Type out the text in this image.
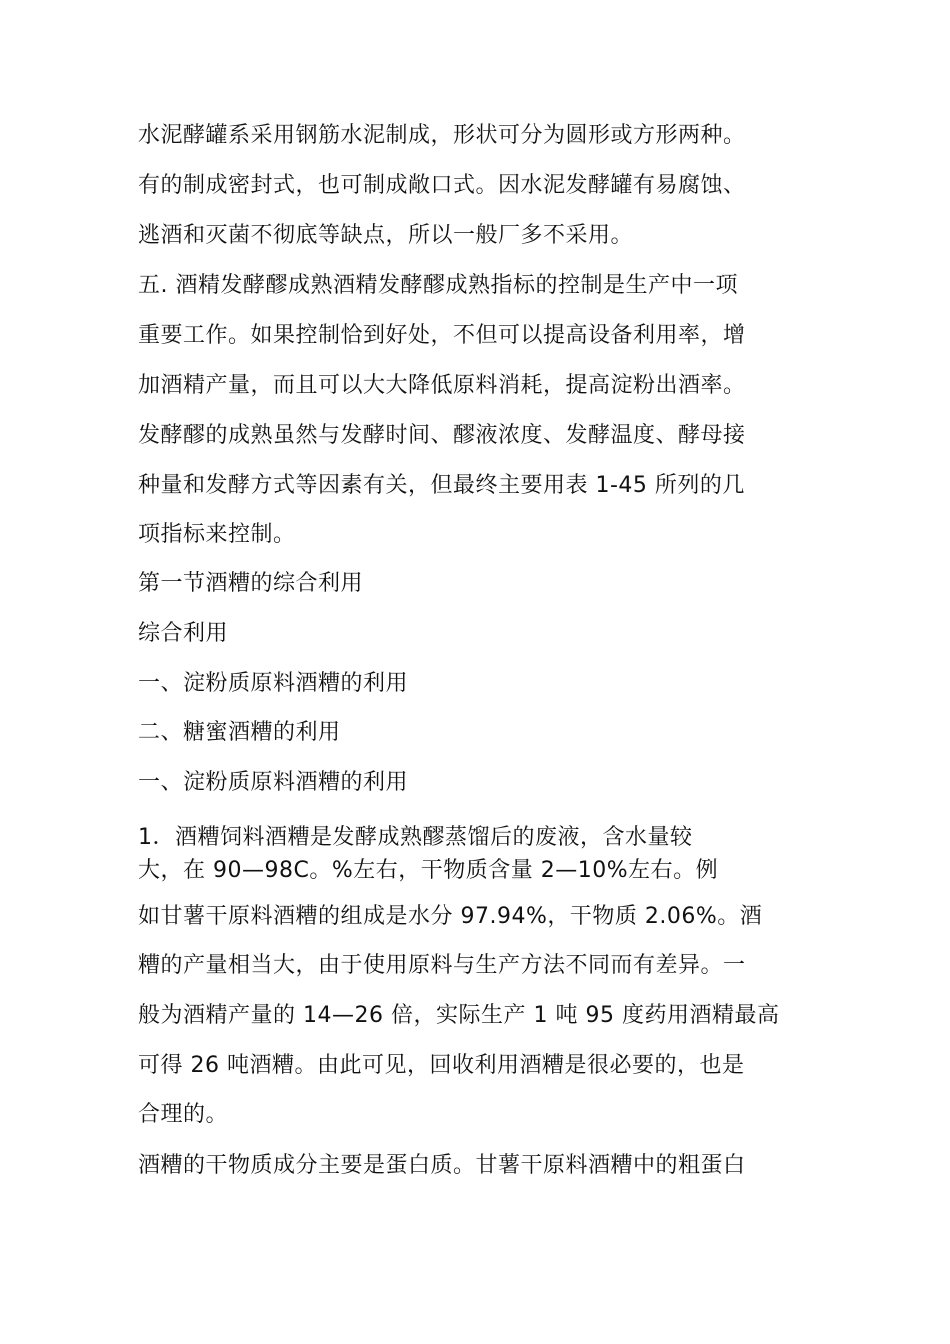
水泥酵罐系采用钢筋水泥制成，形状可分为圆形或方形两种。
有的制成密封式，也可制成敞口式。因水泥发酵罐有易腐蚀、
逃酒和灭菌不彻底等缺点，所以一般厂多不采用。
五. 酒精发酵醪成熟酒精发酵醪成熟指标的控制是生产中一项
重要工作。如果控制恰到好处，不但可以提高设备利用率，增
加酒精产量，而且可以大大降低原料消耗，提高淀粉出酒率。
发酵醪的成熟虽然与发酵时间、醪液浓度、发酵温度、酵母接
种量和发酵方式等因素有关，但最终主要用表 1-45 所列的几
项指标来控制。
第一节酒糟的综合利用
综合利用
一、淀粉质原料酒糟的利用
二、糖蜜酒糟的利用
一、淀粉质原料酒糟的利用
1．酒糟饲料酒糟是发酵成熟醪蒸馏后的废液，含水量较
大，在 90—98C。%左右，干物质含量 2—10%左右。例
如甘薯干原料酒糟的组成是水分 97.94%，干物质 2.06%。酒
糟的产量相当大，由于使用原料与生产方法不同而有差异。一
般为酒精产量的 14—26 倍，实际生产 1 吨 95 度药用酒精最高
可得 26 吨酒糟。由此可见，回收利用酒糟是很必要的，也是
合理的。
酒糟的干物质成分主要是蛋白质。甘薯干原料酒糟中的粗蛋白
